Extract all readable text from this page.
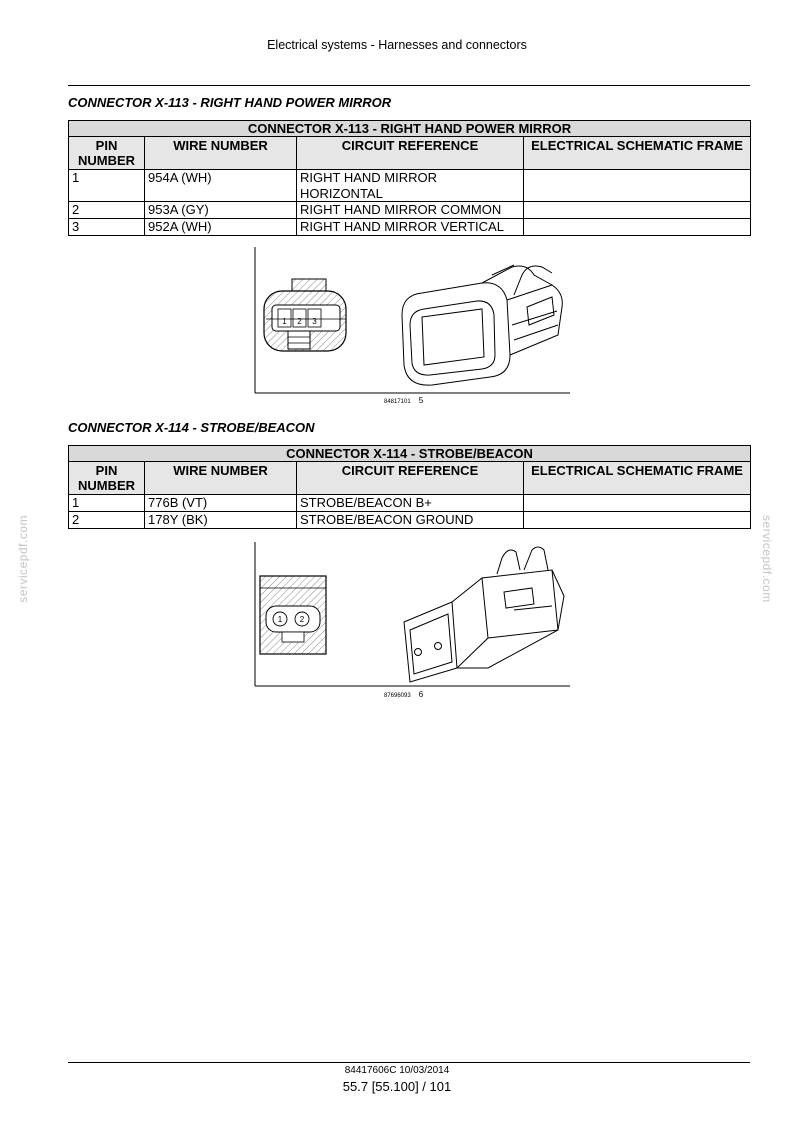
Electrical systems - Harnesses and connectors
CONNECTOR X-113 - RIGHT HAND POWER MIRROR
CONNECTOR X-113 - RIGHT HAND POWER MIRROR			
PIN NUMBER	WIRE NUMBER	CIRCUIT REFERENCE	ELECTRICAL SCHEMATIC FRAME
1	954A (WH)	RIGHT HAND MIRROR HORIZONTAL	
2	953A (GY)	RIGHT HAND MIRROR COMMON	
3	952A (WH)	RIGHT HAND MIRROR VERTICAL	
1 2 3
84817101 5
CONNECTOR X-114 - STROBE/BEACON
CONNECTOR X-114 - STROBE/BEACON			
PIN NUMBER	WIRE NUMBER	CIRCUIT REFERENCE	ELECTRICAL SCHEMATIC FRAME
1	776B (VT)	STROBE/BEACON B+	
2	178Y (BK)	STROBE/BEACON GROUND	
1 2
87696093 6
servicepdf.com	servicepdf.com
84417606C 10/03/2014
55.7 [55.100] / 101
